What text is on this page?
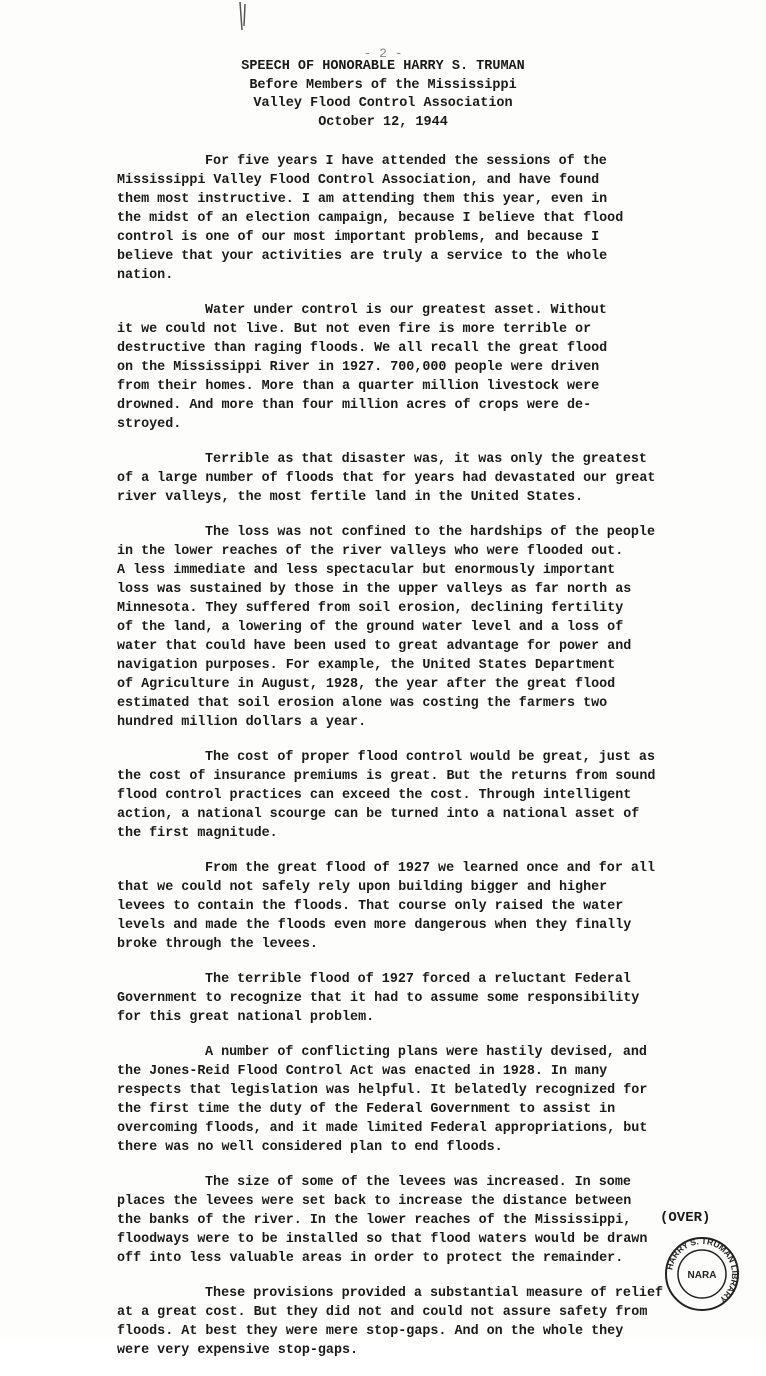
- 2 -
SPEECH OF HONORABLE HARRY S. TRUMAN
Before Members of the Mississippi
Valley Flood Control Association
October 12, 1944
For five years I have attended the sessions of the
Mississippi Valley Flood Control Association, and have found
them most instructive. I am attending them this year, even in
the midst of an election campaign, because I believe that flood
control is one of our most important problems, and because I
believe that your activities are truly a service to the whole
nation.
Water under control is our greatest asset. Without
it we could not live. But not even fire is more terrible or
destructive than raging floods. We all recall the great flood
on the Mississippi River in 1927. 700,000 people were driven
from their homes. More than a quarter million livestock were
drowned. And more than four million acres of crops were de-
stroyed.
Terrible as that disaster was, it was only the greatest
of a large number of floods that for years had devastated our great
river valleys, the most fertile land in the United States.
The loss was not confined to the hardships of the people
in the lower reaches of the river valleys who were flooded out.
A less immediate and less spectacular but enormously important
loss was sustained by those in the upper valleys as far north as
Minnesota. They suffered from soil erosion, declining fertility
of the land, a lowering of the ground water level and a loss of
water that could have been used to great advantage for power and
navigation purposes. For example, the United States Department
of Agriculture in August, 1928, the year after the great flood
estimated that soil erosion alone was costing the farmers two
hundred million dollars a year.
The cost of proper flood control would be great, just as
the cost of insurance premiums is great. But the returns from sound
flood control practices can exceed the cost. Through intelligent
action, a national scourge can be turned into a national asset of
the first magnitude.
From the great flood of 1927 we learned once and for all
that we could not safely rely upon building bigger and higher
levees to contain the floods. That course only raised the water
levels and made the floods even more dangerous when they finally
broke through the levees.
The terrible flood of 1927 forced a reluctant Federal
Government to recognize that it had to assume some responsibility
for this great national problem.
A number of conflicting plans were hastily devised, and
the Jones-Reid Flood Control Act was enacted in 1928. In many
respects that legislation was helpful. It belatedly recognized for
the first time the duty of the Federal Government to assist in
overcoming floods, and it made limited Federal appropriations, but
there was no well considered plan to end floods.
The size of some of the levees was increased. In some
places the levees were set back to increase the distance between
the banks of the river. In the lower reaches of the Mississippi,
floodways were to be installed so that flood waters would be drawn
off into less valuable areas in order to protect the remainder.
These provisions provided a substantial measure of relief
at a great cost. But they did not and could not assure safety from
floods. At best they were mere stop-gaps. And on the whole they
were very expensive stop-gaps.
(OVER)
HARRY S. TRUMAN LIBRARY
NARA
